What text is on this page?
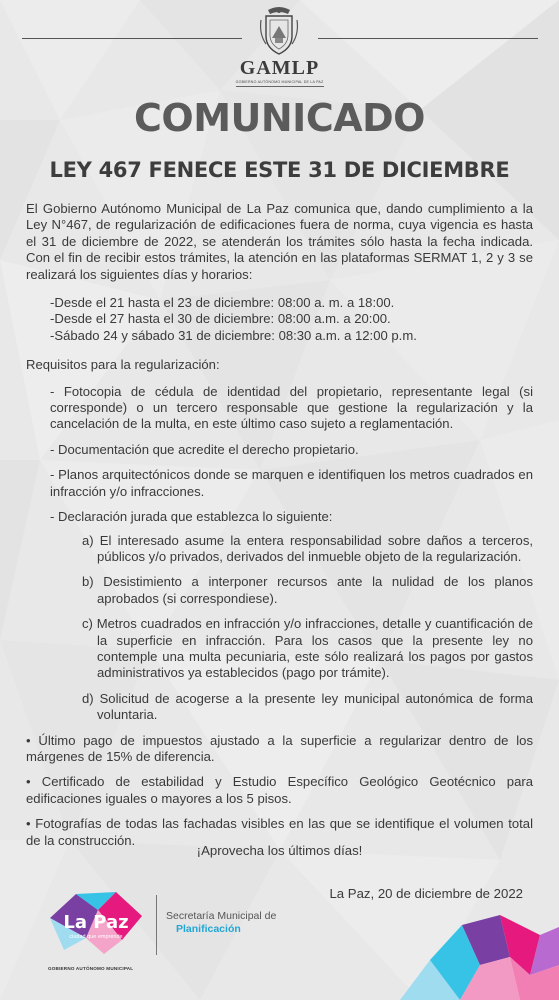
GAMLP
GOBIERNO AUTÓNOMO MUNICIPAL DE LA PAZ
COMUNICADO
LEY 467 FENECE ESTE 31 DE DICIEMBRE

El Gobierno Autónomo Municipal de La Paz comunica que, dando cumplimiento a la Ley N°467, de regularización de edificaciones fuera de norma, cuya vigencia es hasta el 31 de diciembre de 2022, se atenderán los trámites sólo hasta la fecha indicada. Con el fin de recibir estos trámites, la atención en las plataformas SERMAT 1, 2 y 3 se realizará los siguientes días y horarios:

-Desde el 21 hasta el 23 de diciembre: 08:00 a. m. a 18:00.
-Desde el 27 hasta el 30 de diciembre: 08:00 a.m. a 20:00.
-Sábado 24 y sábado 31 de diciembre: 08:30 a.m. a 12:00 p.m.

Requisitos para la regularización:

- Fotocopia de cédula de identidad del propietario, representante legal (si corresponde) o un tercero responsable que gestione la regularización y la cancelación de la multa, en este último caso sujeto a reglamentación.

- Documentación que acredite el derecho propietario.

- Planos arquitectónicos donde se marquen e identifiquen los metros cuadrados en infracción y/o infracciones.

- Declaración jurada que establezca lo siguiente:

a) El interesado asume la entera responsabilidad sobre daños a terceros, públicos y/o privados, derivados del inmueble objeto de la regularización.

b) Desistimiento a interponer recursos ante la nulidad de los planos aprobados (si correspondiese).

c) Metros cuadrados en infracción y/o infracciones, detalle y cuantificación de la superficie en infracción. Para los casos que la presente ley no contemple una multa pecuniaria, este sólo realizará los pagos por gastos administrativos ya establecidos (pago por trámite).

d) Solicitud de acogerse a la presente ley municipal autonómica de forma voluntaria.

• Último pago de impuestos ajustado a la superficie a regularizar dentro de los márgenes de 15% de diferencia.

• Certificado de estabilidad y Estudio Específico Geológico Geotécnico para edificaciones iguales o mayores a los 5 pisos.

• Fotografías de todas las fachadas visibles en las que se identifique el volumen total de la construcción.

¡Aprovecha los últimos días!
La Paz, 20 de diciembre de 2022
La Paz
ciudad que emprende
GOBIERNO AUTÓNOMO MUNICIPAL
Secretaría Municipal de
Planificación
